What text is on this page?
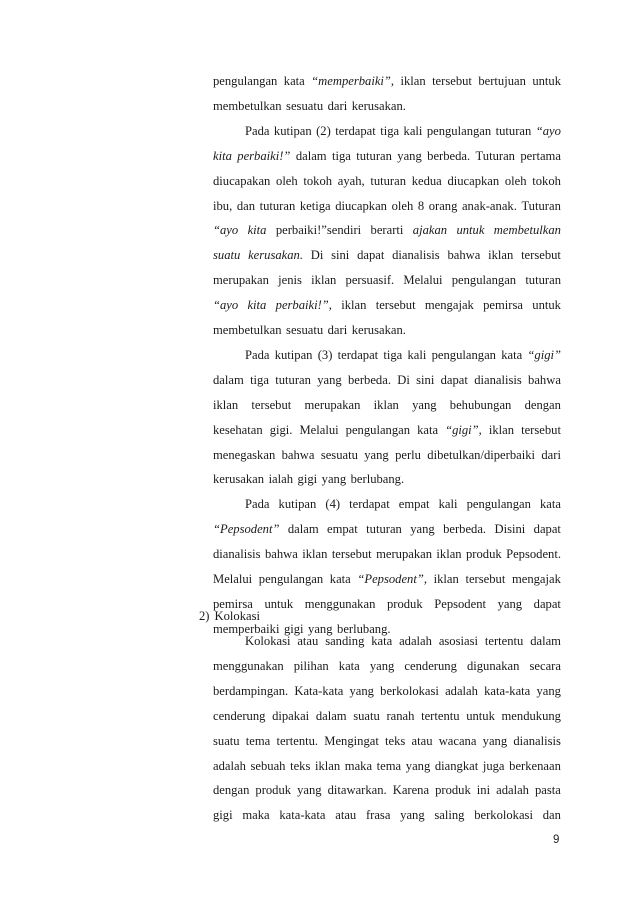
pengulangan kata “memperbaiki”, iklan tersebut bertujuan untuk
membetulkan sesuatu dari kerusakan.
Pada kutipan (2) terdapat tiga kali pengulangan tuturan “ayo
kita perbaiki!” dalam tiga tuturan yang berbeda. Tuturan pertama
diucapakan oleh tokoh ayah, tuturan kedua diucapkan oleh tokoh
ibu, dan tuturan ketiga diucapkan oleh 8 orang anak-anak. Tuturan
“ayo kita perbaiki!”sendiri berarti ajakan untuk membetulkan
suatu kerusakan. Di sini dapat dianalisis bahwa iklan tersebut
merupakan jenis iklan persuasif. Melalui pengulangan tuturan
“ayo kita perbaiki!”, iklan tersebut mengajak pemirsa untuk
membetulkan sesuatu dari kerusakan.
Pada kutipan (3) terdapat tiga kali pengulangan kata “gigi”
dalam tiga tuturan yang berbeda. Di sini dapat dianalisis bahwa
iklan tersebut merupakan iklan yang behubungan dengan
kesehatan gigi. Melalui pengulangan kata “gigi”, iklan tersebut
menegaskan bahwa sesuatu yang perlu dibetulkan/diperbaiki dari
kerusakan ialah gigi yang berlubang.
Pada kutipan (4) terdapat empat kali pengulangan kata
“Pepsodent” dalam empat tuturan yang berbeda. Disini dapat
dianalisis bahwa iklan tersebut merupakan iklan produk Pepsodent.
Melalui pengulangan kata “Pepsodent”, iklan tersebut mengajak
pemirsa untuk menggunakan produk Pepsodent yang dapat
memperbaiki gigi yang berlubang.
2) Kolokasi
Kolokasi atau sanding kata adalah asosiasi tertentu dalam
menggunakan pilihan kata yang cenderung digunakan secara
berdampingan. Kata-kata yang berkolokasi adalah kata-kata yang
cenderung dipakai dalam suatu ranah tertentu untuk mendukung
suatu tema tertentu. Mengingat teks atau wacana yang dianalisis
adalah sebuah teks iklan maka tema yang diangkat juga berkenaan
dengan produk yang ditawarkan. Karena produk ini adalah pasta
gigi maka kata-kata atau frasa yang saling berkolokasi dan
9
